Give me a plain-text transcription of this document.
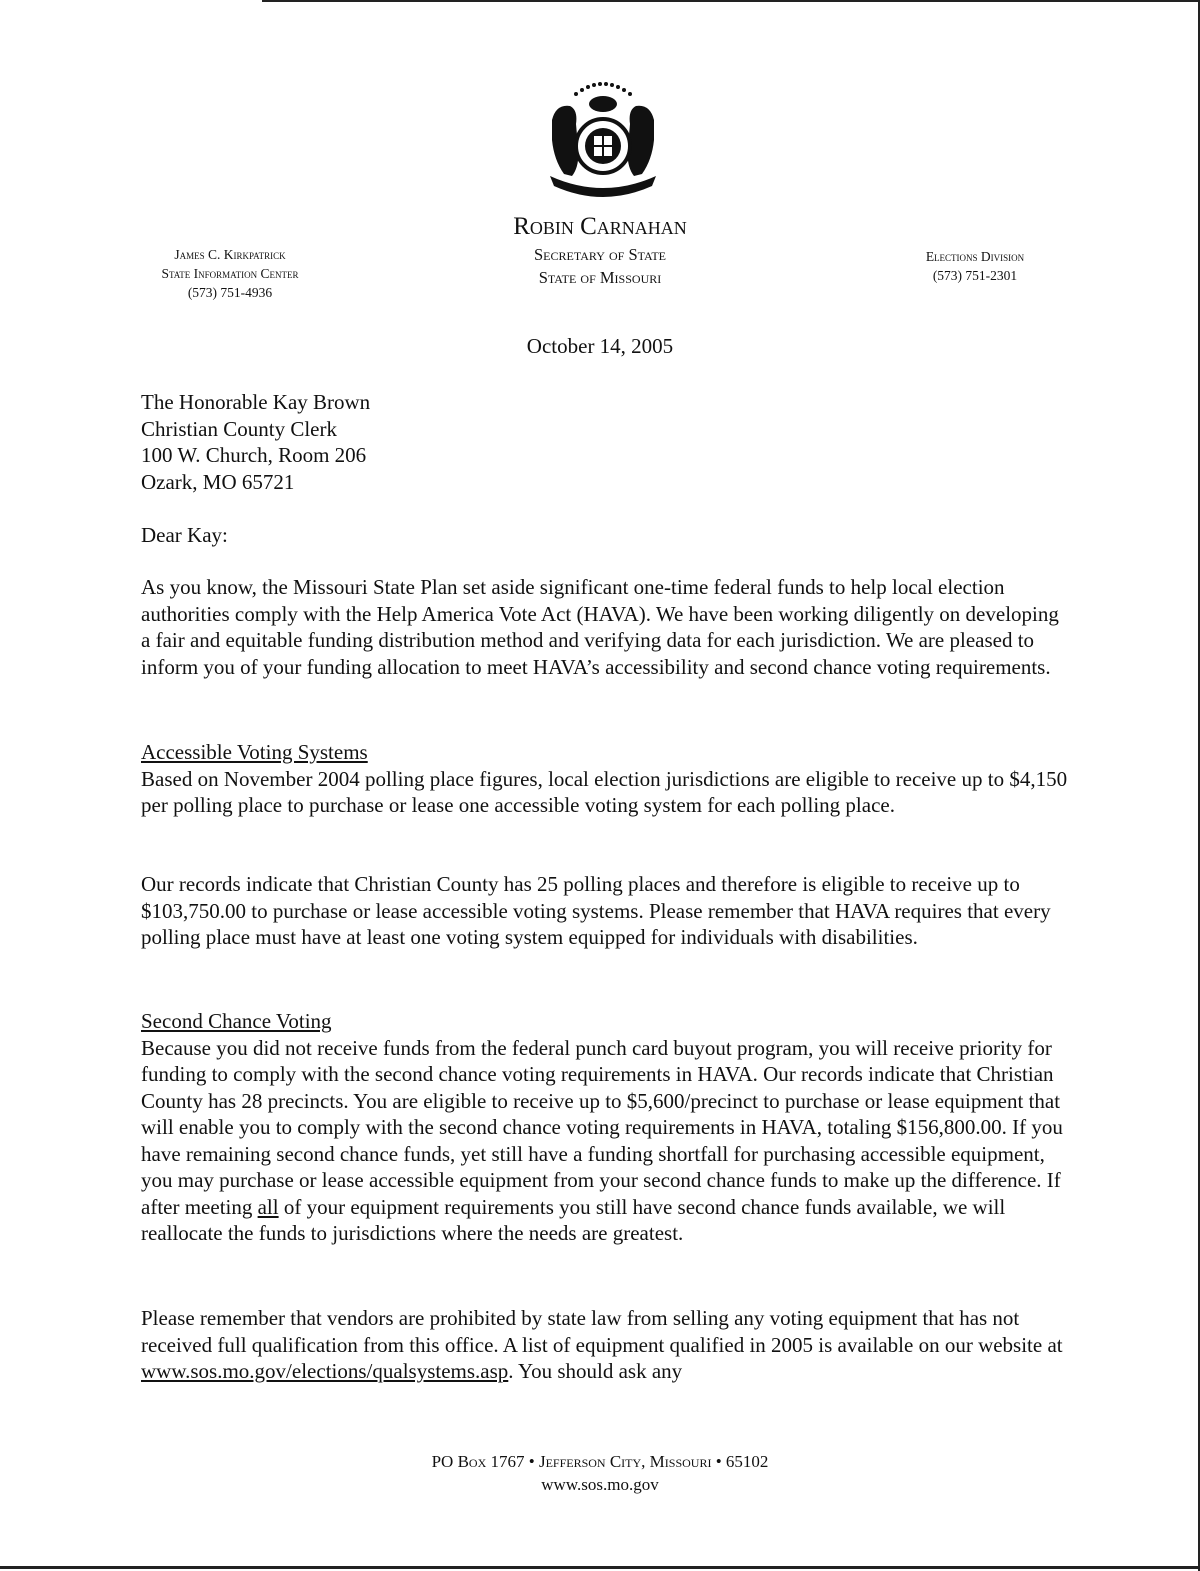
Robin Carnahan
Secretary of State
State of Missouri
James C. Kirkpatrick
State Information Center
(573) 751-4936
Elections Division
(573) 751-2301
October 14, 2005
The Honorable Kay Brown
Christian County Clerk
100 W. Church, Room 206
Ozark, MO 65721
Dear Kay:

As you know, the Missouri State Plan set aside significant one-time federal funds to help local election authorities comply with the Help America Vote Act (HAVA). We have been working diligently on developing a fair and equitable funding distribution method and verifying data for each jurisdiction. We are pleased to inform you of your funding allocation to meet HAVA’s accessibility and second chance voting requirements.

Accessible Voting Systems

Based on November 2004 polling place figures, local election jurisdictions are eligible to receive up to $4,150 per polling place to purchase or lease one accessible voting system for each polling place.

Our records indicate that Christian County has 25 polling places and therefore is eligible to receive up to $103,750.00 to purchase or lease accessible voting systems. Please remember that HAVA requires that every polling place must have at least one voting system equipped for individuals with disabilities.

Second Chance Voting

Because you did not receive funds from the federal punch card buyout program, you will receive priority for funding to comply with the second chance voting requirements in HAVA. Our records indicate that Christian County has 28 precincts. You are eligible to receive up to $5,600/precinct to purchase or lease equipment that will enable you to comply with the second chance voting requirements in HAVA, totaling $156,800.00. If you have remaining second chance funds, yet still have a funding shortfall for purchasing accessible equipment, you may purchase or lease accessible equipment from your second chance funds to make up the difference. If after meeting all of your equipment requirements you still have second chance funds available, we will reallocate the funds to jurisdictions where the needs are greatest.

Please remember that vendors are prohibited by state law from selling any voting equipment that has not received full qualification from this office. A list of equipment qualified in 2005 is available on our website at www.sos.mo.gov/elections/qualsystems.asp. You should ask any

PO Box 1767 • Jefferson City, Missouri • 65102
www.sos.mo.gov
